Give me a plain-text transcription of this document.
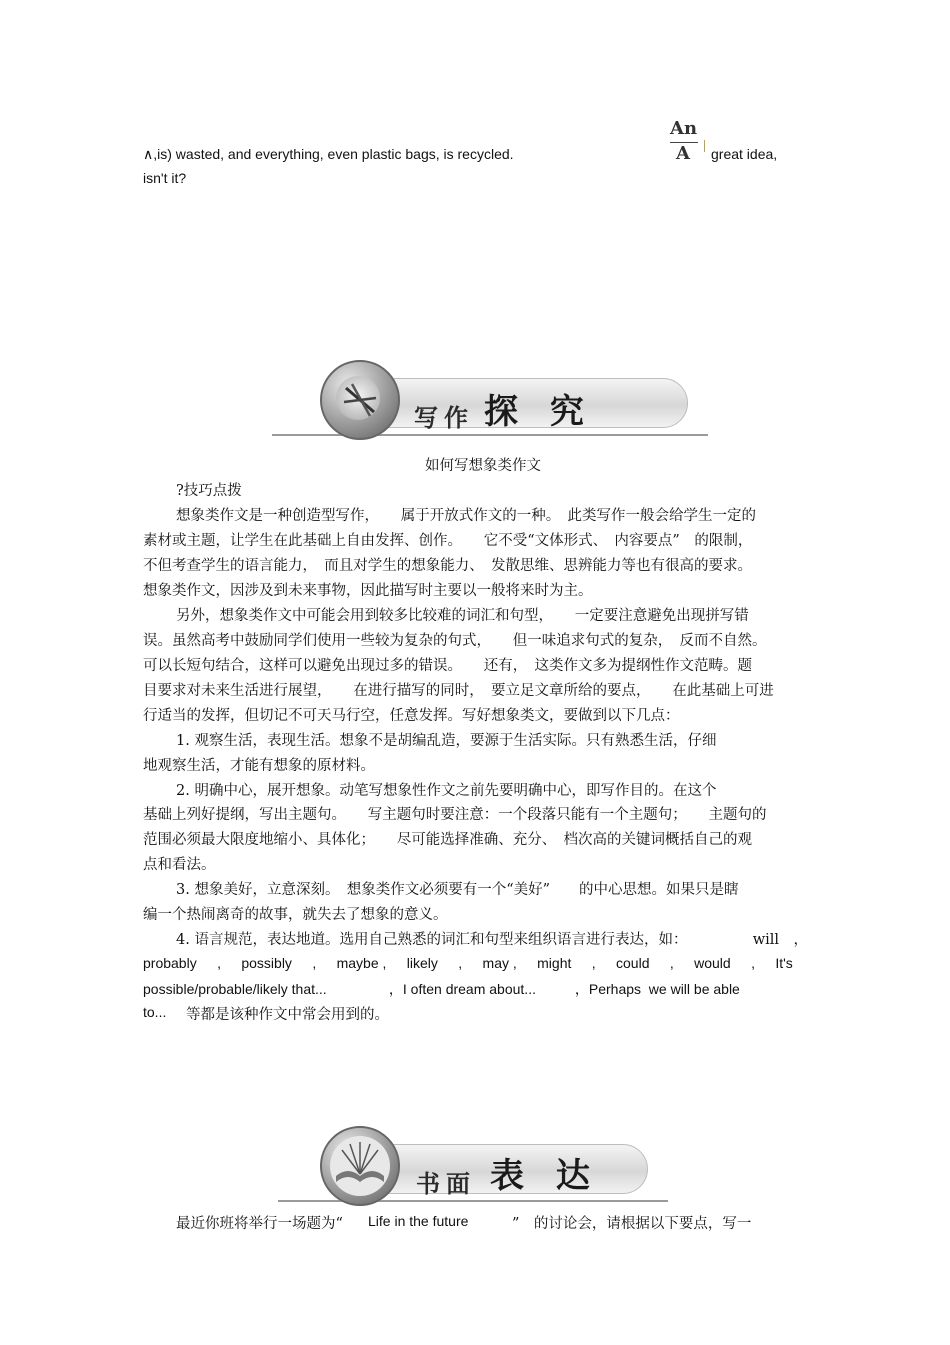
∧,is) wasted, and everything, even plastic bags, is recycled.
An
A great idea,
isn't it?
写作 探 究
如何写想象类作文
?技巧点拨
想象类作文是一种创造型写作，　　属于开放式作文的一种。　此类写作一般会给学生一定的
素材或主题，让学生在此基础上自由发挥、创作。　　它不受“文体形式、　内容要点”　的限制，
不但考查学生的语言能力，　而且对学生的想象能力、　发散思维、思辨能力等也有很高的要求。
想象类作文，因涉及到未来事物，因此描写时主要以一般将来时为主。
另外，想象类作文中可能会用到较多比较难的词汇和句型，　　一定要注意避免出现拼写错
误。虽然高考中鼓励同学们使用一些较为复杂的句式，　　但一味追求句式的复杂，　反而不自然。
可以长短句结合，这样可以避免出现过多的错误。　　还有，　这类作文多为提纲性作文范畴。题
目要求对未来生活进行展望，　　在进行描写的同时，　要立足文章所给的要点，　　在此基础上可进
行适当的发挥，但切记不可天马行空，任意发挥。写好想象类文，要做到以下几点：
1. 观察生活，表现生活。想象不是胡编乱造，要源于生活实际。只有熟悉生活，仔细
地观察生活，才能有想象的原材料。
2. 明确中心，展开想象。动笔写想象性作文之前先要明确中心，即写作目的。在这个
基础上列好提纲，写出主题句。　　写主题句时要注意：一个段落只能有一个主题句；　　主题句的
范围必须最大限度地缩小、具体化；　　尽可能选择准确、充分、　档次高的关键词概括自己的观
点和看法。
3. 想象美好，立意深刻。　想象类作文必须要有一个“美好”　　的中心思想。如果只是瞎
编一个热闹离奇的故事，就失去了想象的意义。
4. 语言规范，表达地道。选用自己熟悉的词汇和句型来组织语言进行表达，如：　　　　　will　，
probably , possibly , maybe , likely , may , might , could , would , It's
possible/probable/likely that...                ，I often dream about...          ，Perhaps  we will be able
to... 等都是该种作文中常会用到的。
书面 表 达
最近你班将举行一场题为“ Life in the future	”　的讨论会，请根据以下要点，写一
